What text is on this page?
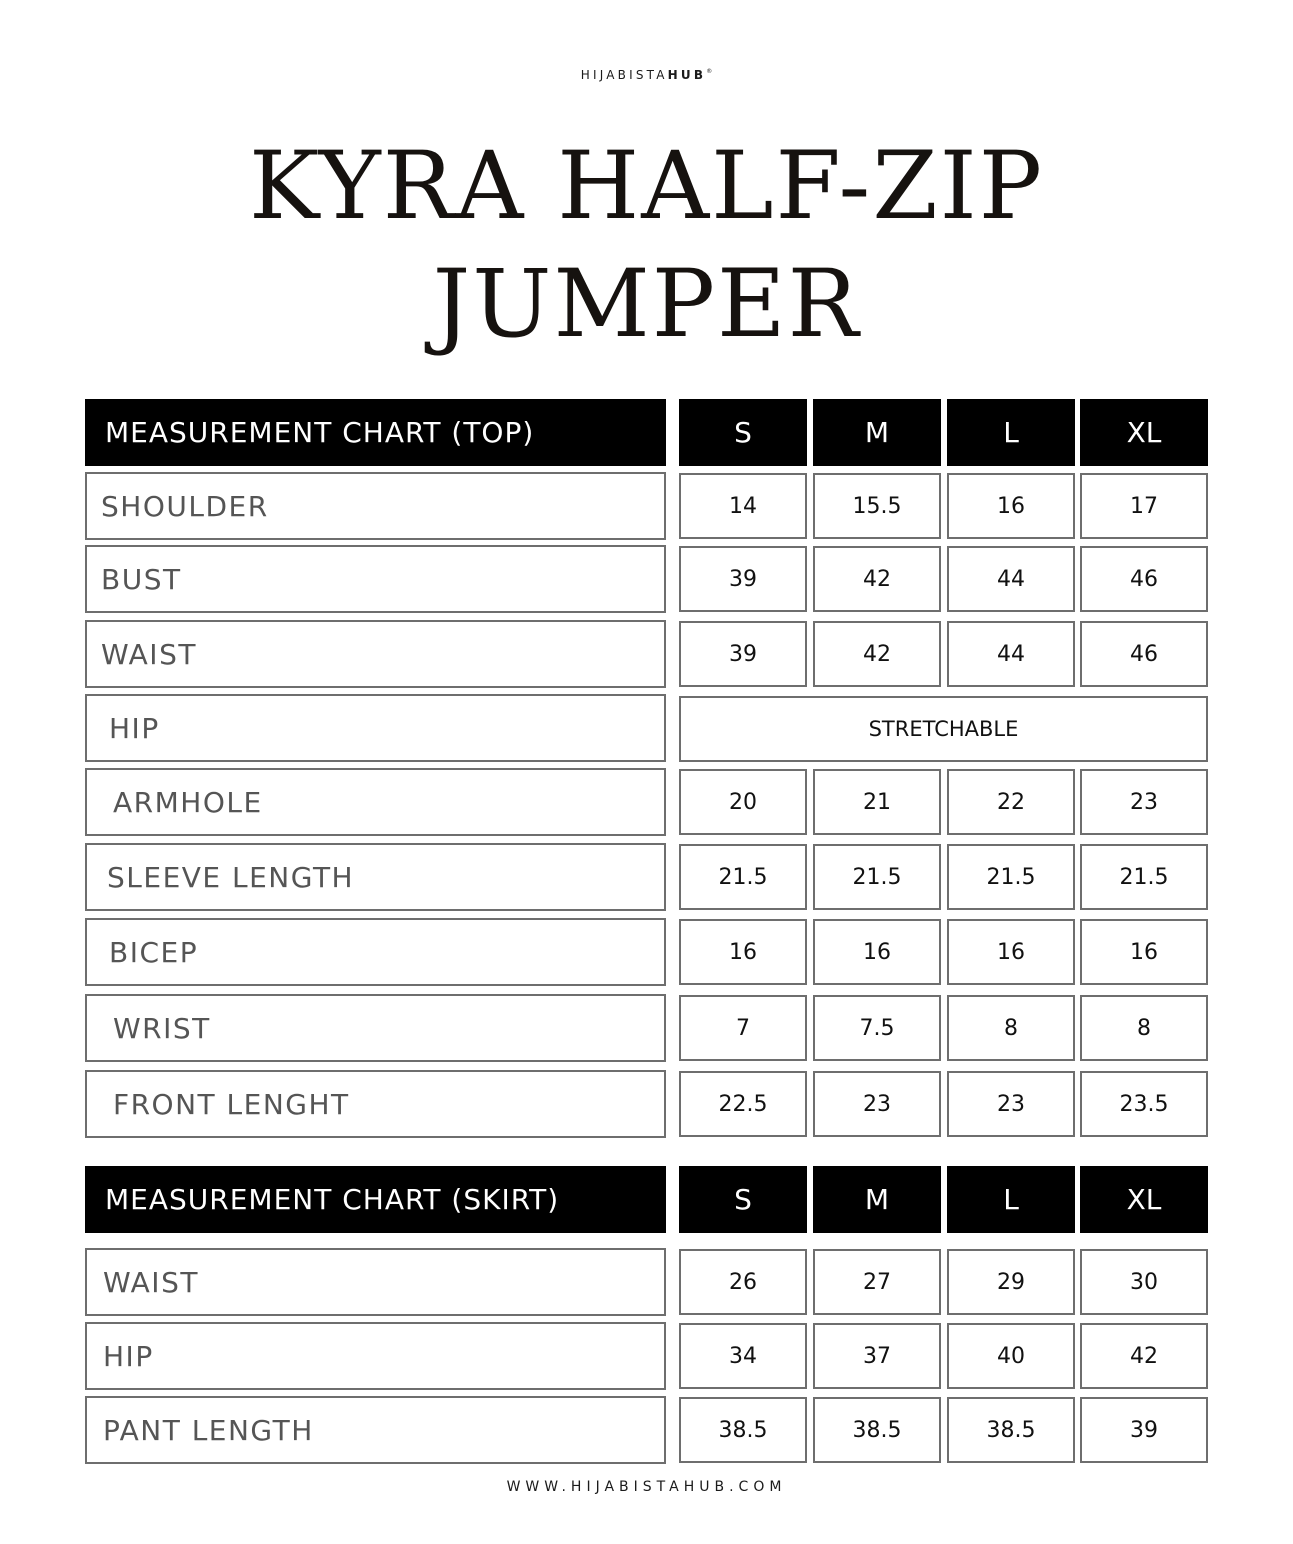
HIJABISTAHUB®
KYRA HALF-ZIP
JUMPER
MEASUREMENT CHART (TOP)	S	M	L	XL
SHOULDER	14	15.5	16	17
BUST	39	42	44	46
WAIST	39	42	44	46
HIP	STRETCHABLE
ARMHOLE	20	21	22	23
SLEEVE LENGTH	21.5	21.5	21.5	21.5
BICEP	16	16	16	16
WRIST	7	7.5	8	8
FRONT LENGHT	22.5	23	23	23.5
MEASUREMENT CHART (SKIRT)	S	M	L	XL
WAIST	26	27	29	30
HIP	34	37	40	42
PANT LENGTH	38.5	38.5	38.5	39
WWW.HIJABISTAHUB.COM
